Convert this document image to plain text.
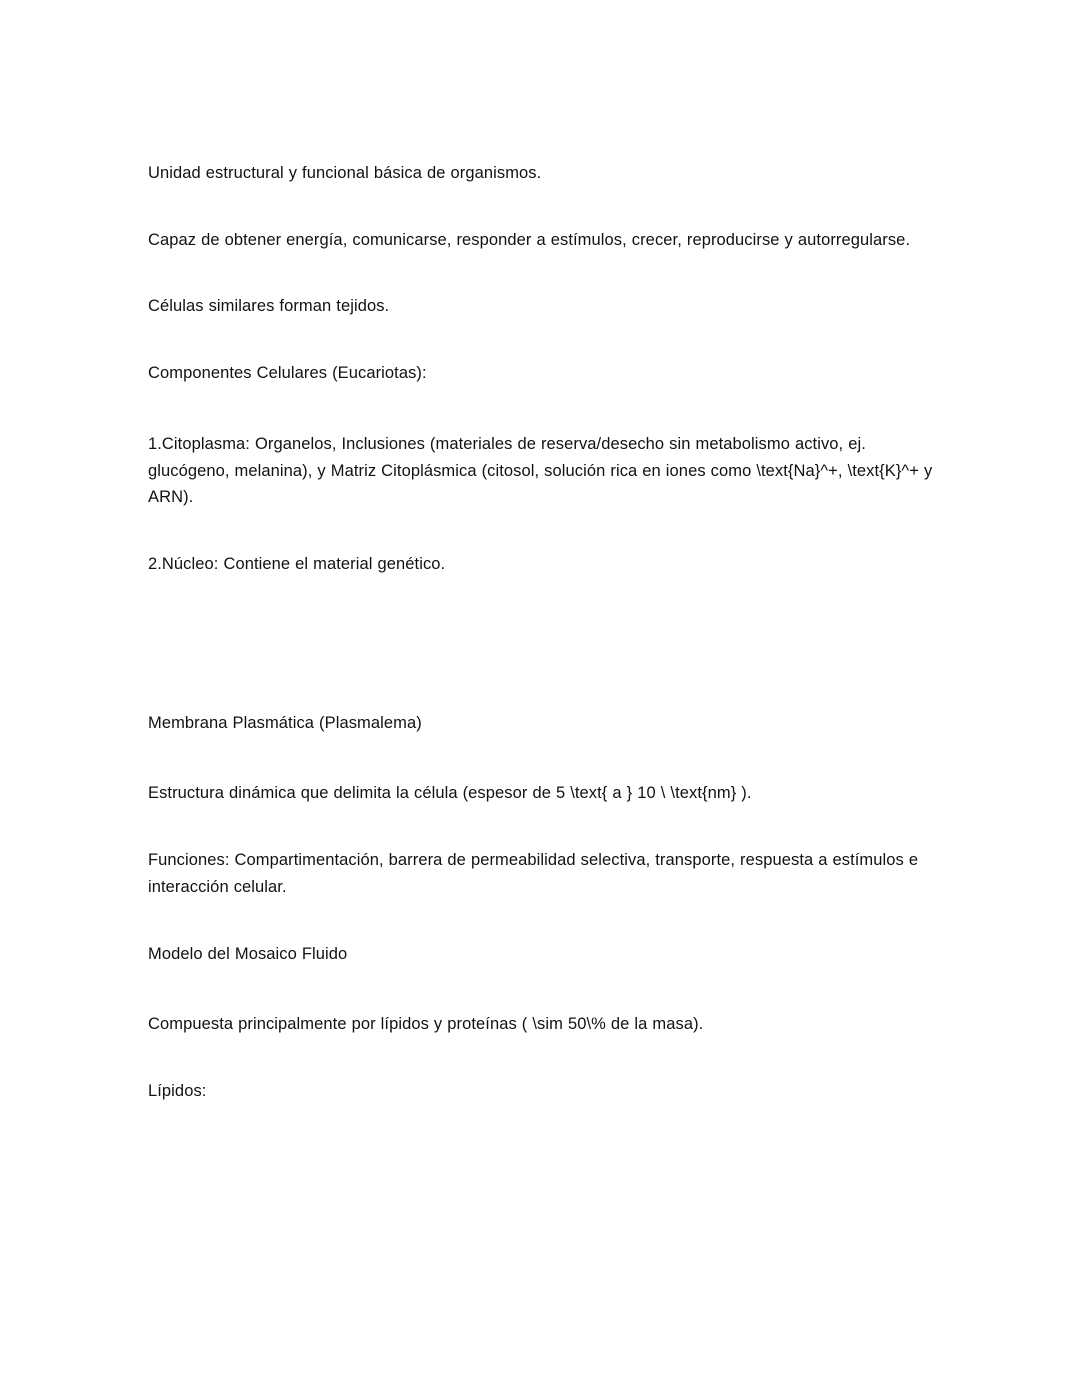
Unidad estructural y funcional básica de organismos.

Capaz de obtener energía, comunicarse, responder a estímulos, crecer, reproducirse y autorregularse.

Células similares forman tejidos.

Componentes Celulares (Eucariotas):

1.Citoplasma: Organelos, Inclusiones (materiales de reserva/desecho sin metabolismo activo, ej. glucógeno, melanina), y Matriz Citoplásmica (citosol, solución rica en iones como \text{Na}^+, \text{K}^+ y ARN).

2.Núcleo: Contiene el material genético.

Membrana Plasmática (Plasmalema)

Estructura dinámica que delimita la célula (espesor de 5 \text{ a } 10 \ \text{nm} ).

Funciones: Compartimentación, barrera de permeabilidad selectiva, transporte, respuesta a estímulos e interacción celular.

Modelo del Mosaico Fluido

Compuesta principalmente por lípidos y proteínas ( \sim 50\% de la masa).

Lípidos:
